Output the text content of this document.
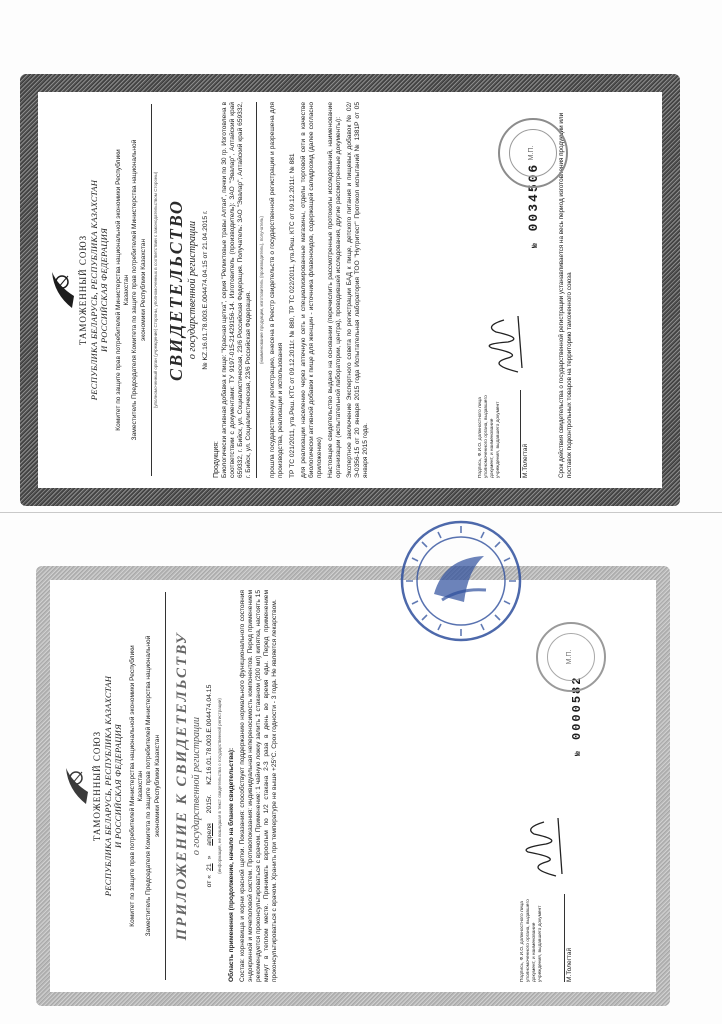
ТАМОЖЕННЫЙ СОЮЗ РЕСПУБЛИКА БЕЛАРУСЬ, РЕСПУБЛИКА КАЗАХСТАН И РОССИЙСКАЯ ФЕДЕРАЦИЯ Комитет по защите прав потребителей Министерства национальной экономики Республики Казахстан Заместитель Председателя Комитета по защите прав потребителей Министерства национальной экономики Республики Казахстан (уполномоченный орган (учреждение) Стороны, уполномоченных в соответствии с законодательством Стороны) СВИДЕТЕЛЬСТВО о государственной регистрации № KZ.16.01.78.003.E.004474.04.15 от 21.04.2015 г.

Продукция:
Биологически активная добавка к пище: "Красная щетка", серия "Реликтовые травы Алтая", пачки по 30 гр. Изготовлена в соответствии с документами: ТУ 9197-015-21429156-14. Изготовитель (производитель): ЗАО "Эвалар", Алтайский край 659332, г. Бийск, ул. Социалистическая, 23/6 Российская Федерация. Получатель: ЗАО "Эвалар", Алтайский край 659332, г. Бийск, ул. Социалистическая, 23/6 Российская Федерация.

(наименование продукции, изготовитель (производитель), получатель) прошла государственную регистрацию, внесена в Реестр свидетельств о государственной регистрации и разрешена для производства, реализации и использования ТР ТС 021/2011, утв.Реш. КТС от 09.12.2011г. № 880, ТР ТС 022/2011, утв.Реш. КТС от 09.12.2011г. № 881 для реализации населению через аптечную сеть и специализированные магазины, отделы торговой сети в качестве биологически активной добавки к пище для женщин - источника флавоноидов, содержащей салидрозид (далее согласно приложению) Настоящее свидетельство выдано на основании (перечислить рассмотренные протоколы исследований, наименование организации (испытательной лаборатории, центра), проводившей исследования, другие рассмотренные документы): Экспертное заключение Экспертного совета по регистрации БАД к пище, детского питания и пищевых добавок № 02/Э-0356-15 от 20 января 2015 года Испытательная лаборатория ТОО "Нутритест" Протокол испытаний № 1381Р от 05 января 2015 года.	Подпись, Ф.И.О. должностного лица уполномоченного органа, выдавшего документ, и наименование учреждения, выдавшего документ	М.Толегтай	Срок действия свидетельства о государственной регистрации устанавливается на весь период изготовления продукции или поставок подконтрольных товаров на территорию таможенного союза
№ 0034506
М.П.
ТАМОЖЕННЫЙ СОЮЗ РЕСПУБЛИКА БЕЛАРУСЬ, РЕСПУБЛИКА КАЗАХСТАН И РОССИЙСКАЯ ФЕДЕРАЦИЯ Комитет по защите прав потребителей Министерства национальной экономики Республики Казахстан Заместитель Председателя Комитета по защите прав потребителей Министерства национальной экономики Республики Казахстан ПРИЛОЖЕНИЕ К СВИДЕТЕЛЬСТВУ о государственной регистрации
от «21» апреля 2015г. KZ.16.01.78.003.E.004474.04.15 (информация, не вошедшая в текст свидетельства о государственной регистрации) Область применения (продолжение, начало на бланке свидетельства): Состав: корневища и корни красной щетки. Показания: способствует поддержанию нормального функционального состояния эндокринной и мочеполовой систем. Противопоказания: индивидуальная непереносимость компонентов. Перед применением рекомендуется проконсультироваться с врачом. Применение: 1 чайную ложку залить 1 стаканом (200 мл) кипятка, настоять 15 минут в теплом месте. Принимать взрослым по 1/2 стакана 2-3 раза в день во время еды. Перед применением проконсультироваться с врачом. Хранить при температуре не выше +25°С. Срок годности - 3 года. Не является лекарством.	Подпись, Ф.И.О. должностного лица уполномоченного органа, выдавшего документ, и наименование учреждения, выдавшего документ	М.Толегтай
№ 0000582
М.П.
